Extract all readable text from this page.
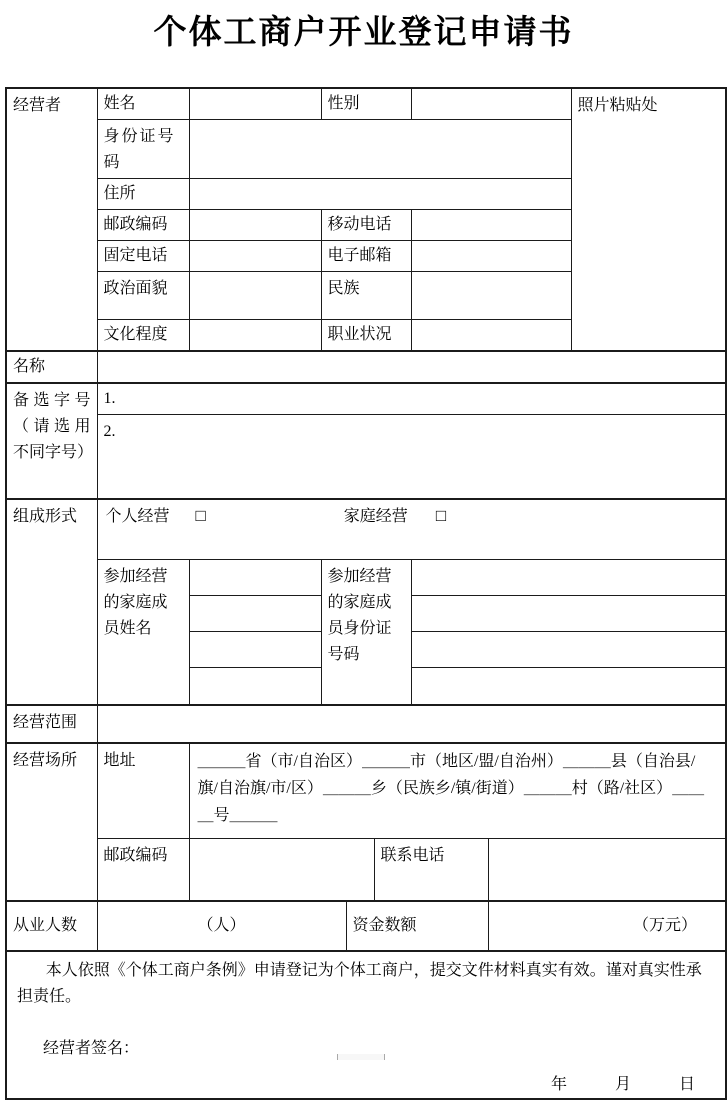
个体工商户开业登记申请书
经营者	姓名		性别					照片粘贴处
	身份证号码							
	住所							
	邮政编码		移动电话					
	固定电话		电子邮箱					
	政治面貌		民族					
	文化程度		职业状况					
名称								
备选字号（请选用不同字号）	1.							
	2.							
组成形式	个人经营 □ 家庭经营 □							
	参加经营的家庭成员姓名		参加经营的家庭成员身份证号码					

经营范围								
经营场所	地址	＿＿＿省（市/自治区）＿＿＿市（地区/盟/自治州）＿＿＿县（自治县/旗/自治旗/市/区）＿＿＿乡（民族乡/镇/街道）＿＿＿村（路/社区）＿＿＿号＿＿＿						
	邮政编码				联系电话			
从业人数	（人）			资金数额			（万元）	

本人依照《个体工商户条例》申请登记为个体工商户，提交文件材料真实有效。谨对真实性承担责任。

经营者签名：

年 月 日								
